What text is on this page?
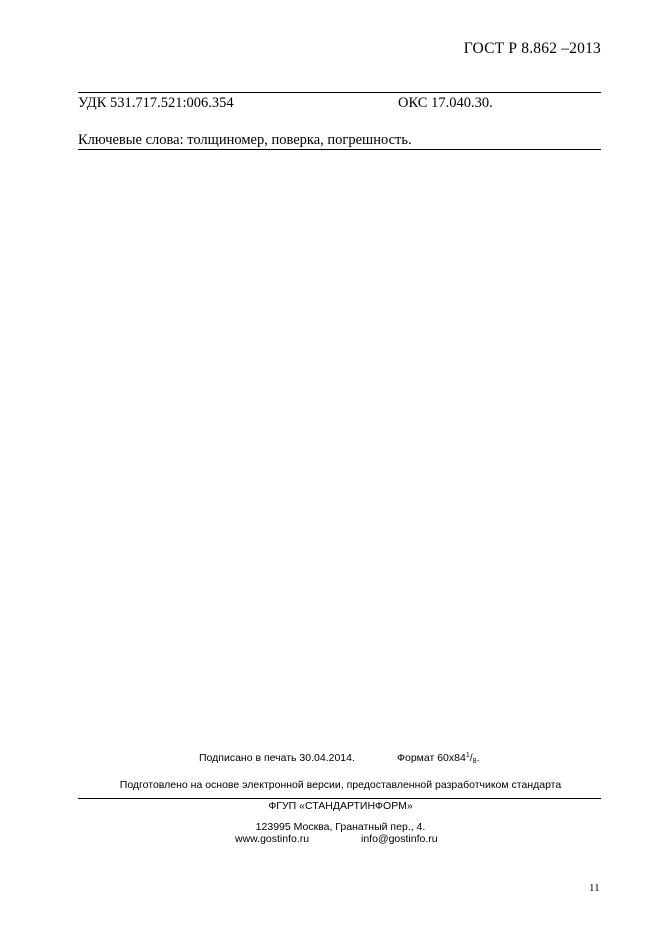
ГОСТ Р 8.862 –2013
УДК 531.717.521:006.354	ОКС 17.040.30.
Ключевые слова: толщиномер, поверка, погрешность.
Подписано в печать 30.04.2014.	Формат $60х84^1/_8$.
Подготовлено на основе электронной версии, предоставленной разработчиком стандарта
ФГУП «СТАНДАРТИНФОРМ»
123995 Москва, Гранатный пер., 4.
www.gostinfo.ru	info@gostinfo.ru
11
